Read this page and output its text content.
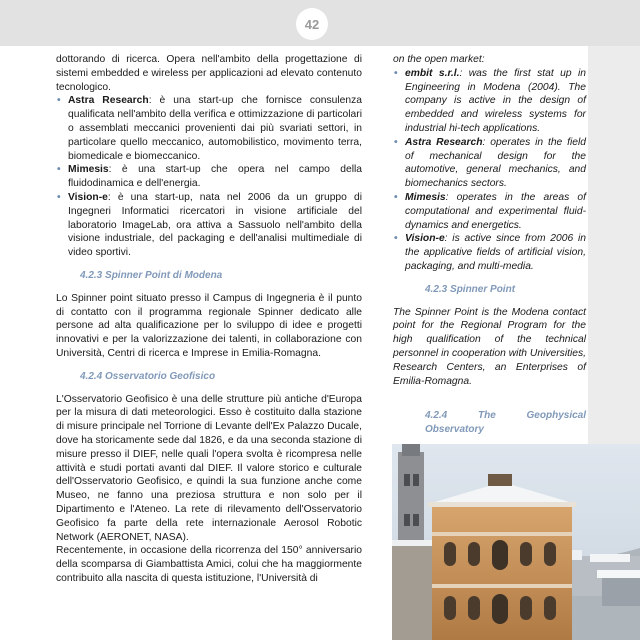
42

dottorando di ricerca. Opera nell'ambito della progettazione di sistemi embedded e wireless per applicazioni ad elevato contenuto tecnologico.

• Astra Research: è una start-up che fornisce consulenza qualificata nell'ambito della verifica e ottimizzazione di particolari o assemblati meccanici provenienti dai più svariati settori, in particolare quello meccanico, automobilistico, movimento terra, biomedicale e biomeccanico.
• Mimesis: è una start-up che opera nel campo della fluidodinamica e dell'energia.
• Vision-e: è una start-up, nata nel 2006 da un gruppo di Ingegneri Informatici ricercatori in visione artificiale del laboratorio ImageLab, ora attiva a Sassuolo nell'ambito della visione industriale, del packaging e dell'analisi multimediale di video sportivi.
4.2.3 Spinner Point di Modena

Lo Spinner point situato presso il Campus di Ingegneria è il punto di contatto con il programma regionale Spinner dedicato alle persone ad alta qualificazione per lo sviluppo di idee e progetti innovativi e per la valorizzazione dei talenti, in collaborazione con Università, Centri di ricerca e Imprese in Emilia-Romagna.

4.2.4 Osservatorio Geofisico

L'Osservatorio Geofisico è una delle strutture più antiche d'Europa per la misura di dati meteorologici. Esso è costituito dalla stazione di misure principale nel Torrione di Levante dell'Ex Palazzo Ducale, dove ha storicamente sede dal 1826, e da una seconda stazione di misure presso il DIEF, nelle quali l'opera svolta è ricompresa nelle attività e studi portati avanti dal DIEF. Il valore storico e culturale dell'Osservatorio Geofisico, e quindi la sua funzione anche come Museo, ne fanno una preziosa struttura e non solo per il Dipartimento e l'Ateneo. La rete di rilevamento dell'Osservatorio Geofisico fa parte della rete internazionale Aerosol Robotic Network (AERONET, NASA).

Recentemente, in occasione della ricorrenza del 150° anniversario della scomparsa di Giambattista Amici, colui che ha maggiormente contribuito alla nascita di questa istituzione, l'Università di

on the open market:

• embit s.r.l.: was the first stat up in Engineering in Modena (2004). The company is active in the design of embedded and wireless systems for industrial hi-tech applications.
• Astra Research: operates in the field of mechanical design for the automotive, general mechanics, and biomechanics sectors.
• Mimesis: operates in the areas of computational and experimental fluid-dynamics and energetics.
• Vision-e: is active since from 2006 in the applicative fields of artificial vision, packaging, and multi-media.
4.2.3 Spinner Point

The Spinner Point is the Modena contact point for the Regional Program for the high qualification of the technical personnel in cooperation with Universities, Research Centers, an Enterprises of Emilia-Romagna.

4.2.4 The Geophysical Observatory
